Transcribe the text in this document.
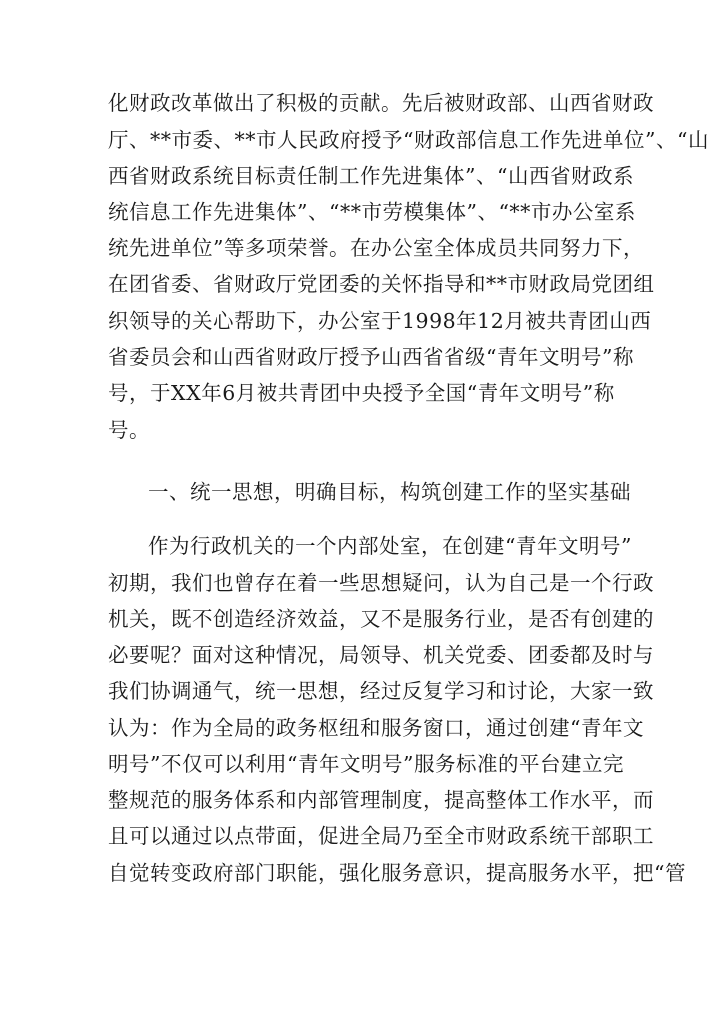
化财政改革做出了积极的贡献。先后被财政部、山西省财政
厅、**市委、**市人民政府授予“财政部信息工作先进单位”、“山
西省财政系统目标责任制工作先进集体”、“山西省财政系
统信息工作先进集体”、“**市劳模集体”、“**市办公室系
统先进单位”等多项荣誉。在办公室全体成员共同努力下，
在团省委、省财政厅党团委的关怀指导和**市财政局党团组
织领导的关心帮助下，办公室于1998年12月被共青团山西
省委员会和山西省财政厅授予山西省省级“青年文明号”称
号，于XX年6月被共青团中央授予全国“青年文明号”称
号。
一、统一思想，明确目标，构筑创建工作的坚实基础
作为行政机关的一个内部处室，在创建“青年文明号”
初期，我们也曾存在着一些思想疑问，认为自己是一个行政
机关，既不创造经济效益，又不是服务行业，是否有创建的
必要呢？面对这种情况，局领导、机关党委、团委都及时与
我们协调通气，统一思想，经过反复学习和讨论，大家一致
认为：作为全局的政务枢纽和服务窗口，通过创建“青年文
明号”不仅可以利用“青年文明号”服务标准的平台建立完
整规范的服务体系和内部管理制度，提高整体工作水平，而
且可以通过以点带面，促进全局乃至全市财政系统干部职工
自觉转变政府部门职能，强化服务意识，提高服务水平，把“管
